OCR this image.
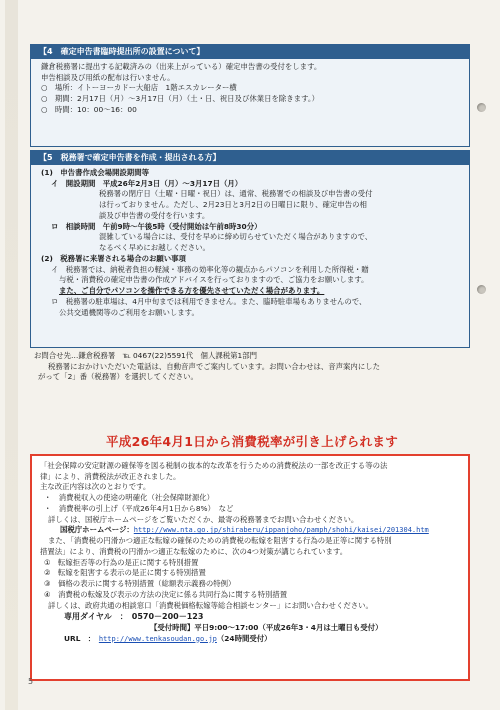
【4　確定申告書臨時提出所の設置について】
鎌倉税務署に提出する記載済みの（出来上がっている）確定申告書の受付をします。
申告相談及び用紙の配布は行いません。
○　場所：イトーヨーカドー大船店　1階エスカレーター横
○　期間：2月17日（月）～3月17日（月）（土・日、祝日及び休業日を除きます。）
○　時間：10：00～16：00
【5　税務署で確定申告書を作成・提出される方】
(1)　申告書作成会場開設期間等
イ　開設期間　平成26年2月3日（月）～3月17日（月）
税務署の閉庁日（土曜・日曜・祝日）は、通常、税務署での相談及び申告書の受付
は行っておりません。ただし、2月23日と3月2日の日曜日に限り、確定申告の相
談及び申告書の受付を行います。
ロ　相談時間　午前9時～午後5時（受付開始は午前8時30分）
混雑している場合には、受付を早めに締め切らせていただく場合がありますので、
なるべく早めにお越しください。
(2)　税務署に来署される場合のお願い事項
イ　税務署では、納税者負担の軽減・事務の効率化等の観点からパソコンを利用した所得税・贈
与税・消費税の確定申告書の作成アドバイスを行っておりますので、ご協力をお願いします。
また、ご自分でパソコンを操作できる方を優先させていただく場合があります。
ロ　税務署の駐車場は、4月中旬までは利用できません。また、臨時駐車場もありませんので、
公共交通機関等のご利用をお願いします。
お問合せ先…鎌倉税務署　℡ 0467(22)5591代　個人課税第1部門
税務署におかけいただいた電話は、自動音声でご案内しています。お問い合わせは、音声案内にした
がって「2」番（税務署）を選択してください。
平成26年4月1日から消費税率が引き上げられます
「社会保障の安定財源の確保等を図る税制の抜本的な改革を行うための消費税法の一部を改正する等の法
律」により、消費税法が改正されました。
主な改正内容は次のとおりです。
・　消費税収入の使途の明確化（社会保障財源化）
・　消費税率の引上げ（平成26年4月1日から8%）　など
詳しくは、国税庁ホームページをご覧いただくか、最寄の税務署までお問い合わせください。
国税庁ホームページ：http://www.nta.go.jp/shiraberu/ippanjoho/pamph/shohi/kaisei/201304.htm
また、「消費税の円滑かつ適正な転嫁の確保のための消費税の転嫁を阻害する行為の是正等に関する特別
措置法」により、消費税の円滑かつ適正な転嫁のために、次の4つ対策が講じられています。
①　転嫁拒否等の行為の是正に関する特別措置
②　転嫁を阻害する表示の是正に関する特別措置
③　価格の表示に関する特別措置（総額表示義務の特例）
④　消費税の転嫁及び表示の方法の決定に係る共同行為に関する特別措置
詳しくは、政府共通の相談窓口「消費税価格転嫁等総合相談センター」にお問い合わせください。
専用ダイヤル　：　0570－200－123
【受付時間】平日9:00～17:00（平成26年3・4月は土曜日も受付）
URL　：　http://www.tenkasoudan.go.jp（24時間受付）
5
